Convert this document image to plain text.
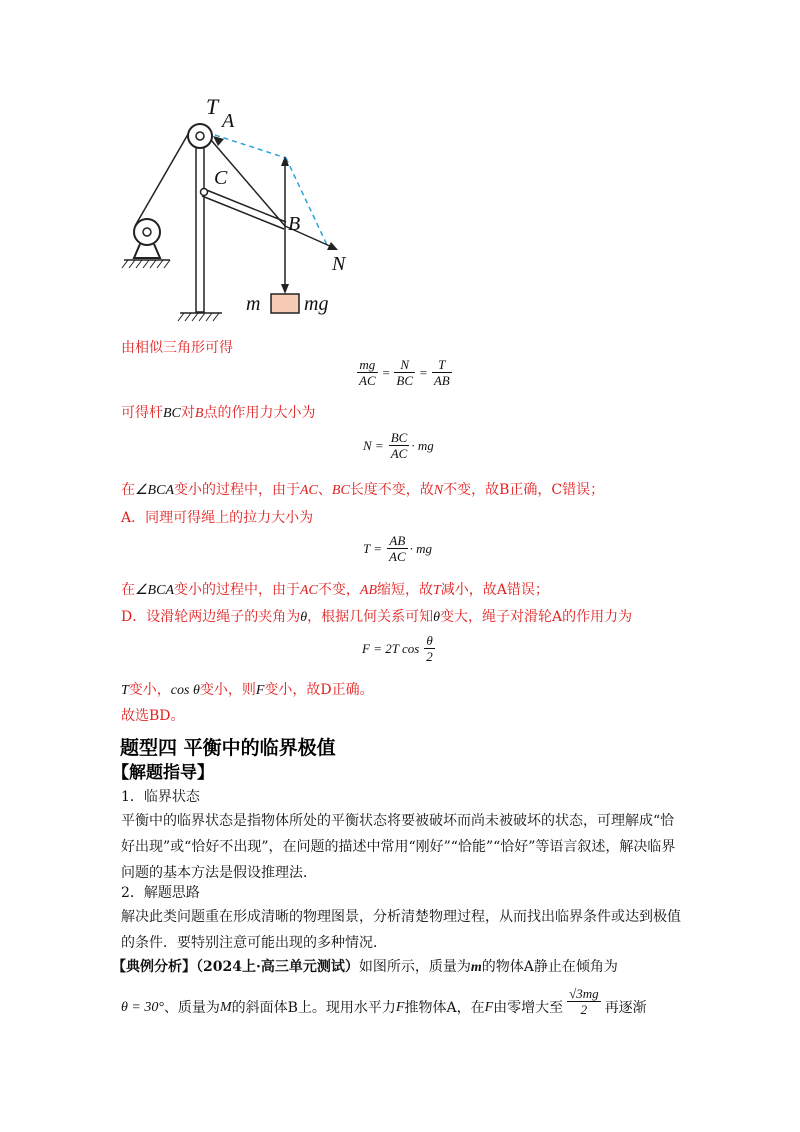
T
A
C
B
N
m mg
由相似三角形可得
$\frac{mg}{AC} = \frac{N}{BC} = \frac{T}{AB}$
可得杆BC对B点的作用力大小为
$N = \frac{BC}{AC}$ · mg
在∠BCA变小的过程中，由于AC、BC长度不变，故N不变，故B正确，C错误；
A．同理可得绳上的拉力大小为
$T = \frac{AB}{AC}$ · mg
在∠BCA变小的过程中，由于AC不变，AB缩短，故T减小，故A错误；
D．设滑轮两边绳子的夹角为θ，根据几何关系可知θ变大，绳子对滑轮A的作用力为
F = 2T $\cos \frac{\theta}{2}$
T变小，cos θ变小，则F变小，故D正确。
故选BD。
题型四 平衡中的临界极值
【解题指导】
1．临界状态
平衡中的临界状态是指物体所处的平衡状态将要被破坏而尚未被破坏的状态，可理解成“恰好出现”或“恰好不出现”，在问题的描述中常用“刚好”“恰能”“恰好”等语言叙述，解决临界问题的基本方法是假设推理法．
2．解题思路
解决此类问题重在形成清晰的物理图景，分析清楚物理过程，从而找出临界条件或达到极值的条件．要特别注意可能出现的多种情况．
【典例分析】（2024上·高三单元测试）如图所示，质量为m的物体A静止在倾角为
θ = 30° 、质量为 M 的斜面体B上。现用水平力 F 推物体A，在 F 由零增大至 $\frac{√3mg}{2}$ 再逐渐
